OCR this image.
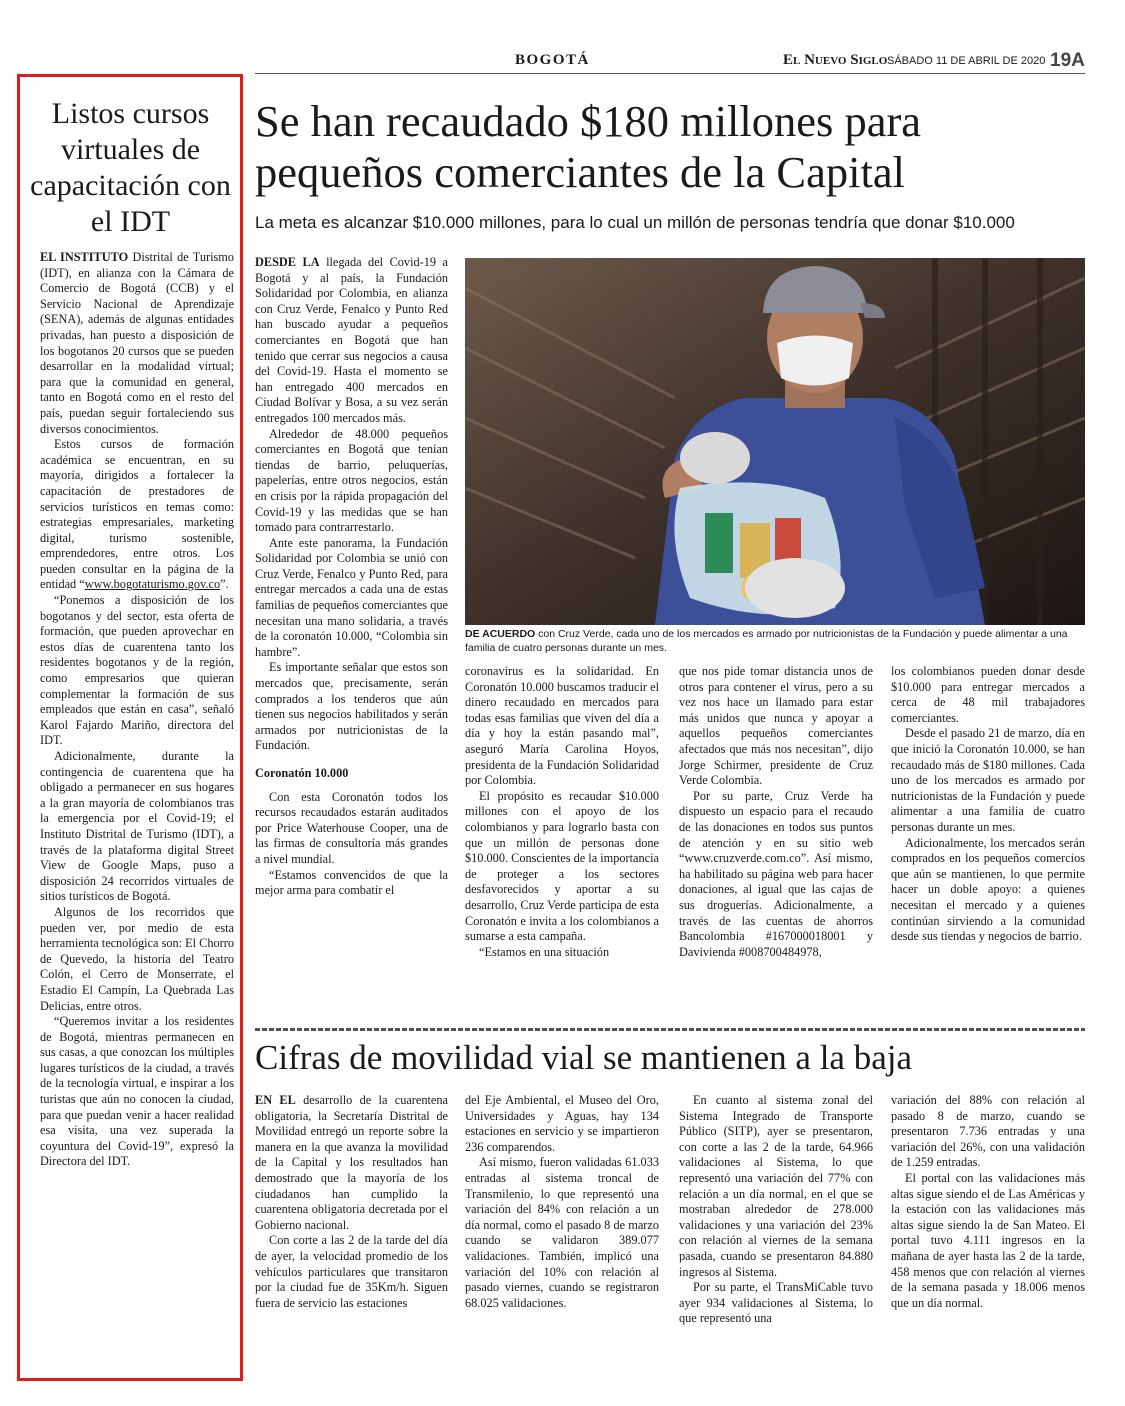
BOGOTÁ	El Nuevo Siglo SÁBADO 11 DE ABRIL DE 2020 19A
Listos cursos virtuales de capacitación con el IDT

EL INSTITUTO Distrital de Turismo (IDT), en alianza con la Cámara de Comercio de Bogotá (CCB) y el Servicio Nacional de Aprendizaje (SENA), además de algunas entidades privadas, han puesto a disposición de los bogotanos 20 cursos que se pueden desarrollar en la modalidad virtual; para que la comunidad en general, tanto en Bogotá como en el resto del país, puedan seguir fortaleciendo sus diversos conocimientos.

Estos cursos de formación académica se encuentran, en su mayoría, dirigidos a fortalecer la capacitación de prestadores de servicios turísticos en temas como: estrategias empresariales, marketing digital, turismo sostenible, emprendedores, entre otros. Los pueden consultar en la página de la entidad “www.bogotaturismo.gov.co”.

“Ponemos a disposición de los bogotanos y del sector, esta oferta de formación, que pueden aprovechar en estos días de cuarentena tanto los residentes bogotanos y de la región, como empresarios que quieran complementar la formación de sus empleados que están en casa”, señaló Karol Fajardo Mariño, directora del IDT.

Adicionalmente, durante la contingencia de cuarentena que ha obligado a permanecer en sus hogares a la gran mayoría de colombianos tras la emergencia por el Covid-19; el Instituto Distrital de Turismo (IDT), a través de la plataforma digital Street View de Google Maps, puso a disposición 24 recorridos virtuales de sitios turísticos de Bogotá.

Algunos de los recorridos que pueden ver, por medio de esta herramienta tecnológica son: El Chorro de Quevedo, la historia del Teatro Colón, el Cerro de Monserrate, el Estadio El Campín, La Quebrada Las Delicias, entre otros.

“Queremos invitar a los residentes de Bogotá, mientras permanecen en sus casas, a que conozcan los múltiples lugares turísticos de la ciudad, a través de la tecnología virtual, e inspirar a los turistas que aún no conocen la ciudad, para que puedan venir a hacer realidad esa visita, una vez superada la coyuntura del Covid-19”, expresó la Directora del IDT.

Se han recaudado $180 millones para pequeños comerciantes de la Capital
La meta es alcanzar $10.000 millones, para lo cual un millón de personas tendría que donar $10.000

DESDE LA llegada del Covid-19 a Bogotá y al país, la Fundación Solidaridad por Colombia, en alianza con Cruz Verde, Fenalco y Punto Red han buscado ayudar a pequeños comerciantes en Bogotá que han tenido que cerrar sus negocios a causa del Covid-19. Hasta el momento se han entregado 400 mercados en Ciudad Bolívar y Bosa, a su vez serán entregados 100 mercados más.

Alrededor de 48.000 pequeños comerciantes en Bogotá que tenían tiendas de barrio, peluquerías, papelerías, entre otros negocios, están en crisis por la rápida propagación del Covid-19 y las medidas que se han tomado para contrarrestarlo.

Ante este panorama, la Fundación Solidaridad por Colombia se unió con Cruz Verde, Fenalco y Punto Red, para entregar mercados a cada una de estas familias de pequeños comerciantes que necesitan una mano solidaria, a través de la coronatón 10.000, “Colombia sin hambre”.

Es importante señalar que estos son mercados que, precisamente, serán comprados a los tenderos que aún tienen sus negocios habilitados y serán armados por nutricionistas de la Fundación.

Coronatón 10.000

Con esta Coronatón todos los recursos recaudados estarán auditados por Price Waterhouse Cooper, una de las firmas de consultoría más grandes a nivel mundial.

“Estamos convencidos de que la mejor arma para combatir el

DE ACUERDO con Cruz Verde, cada uno de los mercados es armado por nutricionistas de la Fundación y puede alimentar a una familia de cuatro personas durante un mes.

coronavirus es la solidaridad. En Coronatón 10.000 buscamos traducir el dinero recaudado en mercados para todas esas familias que viven del día a día y hoy la están pasando mal”, aseguró María Carolina Hoyos, presidenta de la Fundación Solidaridad por Colombia.

El propósito es recaudar $10.000 millones con el apoyo de los colombianos y para lograrlo basta con que un millón de personas done $10.000. Conscientes de la importancia de proteger a los sectores desfavorecidos y aportar a su desarrollo, Cruz Verde participa de esta Coronatón e invita a los colombianos a sumarse a esta campaña.

“Estamos en una situación

que nos pide tomar distancia unos de otros para contener el virus, pero a su vez nos hace un llamado para estar más unidos que nunca y apoyar a aquellos pequeños comerciantes afectados que más nos necesitan”, dijo Jorge Schirmer, presidente de Cruz Verde Colombia.

Por su parte, Cruz Verde ha dispuesto un espacio para el recaudo de las donaciones en todos sus puntos de atención y en su sitio web “www.cruzverde.com.co”. Así mismo, ha habilitado su página web para hacer donaciones, al igual que las cajas de sus droguerías. Adicionalmente, a través de las cuentas de ahorros Bancolombia #167000018001 y Davivienda #008700484978,

los colombianos pueden donar desde $10.000 para entregar mercados a cerca de 48 mil trabajadores comerciantes.

Desde el pasado 21 de marzo, día en que inició la Coronatón 10.000, se han recaudado más de $180 millones. Cada uno de los mercados es armado por nutricionistas de la Fundación y puede alimentar a una familia de cuatro personas durante un mes.

Adicionalmente, los mercados serán comprados en los pequeños comercios que aún se mantienen, lo que permite hacer un doble apoyo: a quienes necesitan el mercado y a quienes continúan sirviendo a la comunidad desde sus tiendas y negocios de barrio.

Cifras de movilidad vial se mantienen a la baja

EN EL desarrollo de la cuarentena obligatoria, la Secretaría Distrital de Movilidad entregó un reporte sobre la manera en la que avanza la movilidad de la Capital y los resultados han demostrado que la mayoría de los ciudadanos han cumplido la cuarentena obligatoria decretada por el Gobierno nacional.

Con corte a las 2 de la tarde del día de ayer, la velocidad promedio de los vehículos particulares que transitaron por la ciudad fue de 35Km/h. Siguen fuera de servicio las estaciones

del Eje Ambiental, el Museo del Oro, Universidades y Aguas, hay 134 estaciones en servicio y se impartieron 236 comparendos.

Así mismo, fueron validadas 61.033 entradas al sistema troncal de Transmilenio, lo que representó una variación del 84% con relación a un día normal, como el pasado 8 de marzo cuando se validaron 389.077 validaciones. También, implicó una variación del 10% con relación al pasado viernes, cuando se registraron 68.025 validaciones.

En cuanto al sistema zonal del Sistema Integrado de Transporte Público (SITP), ayer se presentaron, con corte a las 2 de la tarde, 64.966 validaciones al Sistema, lo que representó una variación del 77% con relación a un día normal, en el que se mostraban alrededor de 278.000 validaciones y una variación del 23% con relación al viernes de la semana pasada, cuando se presentaron 84.880 ingresos al Sistema.

Por su parte, el TransMiCable tuvo ayer 934 validaciones al Sistema, lo que representó una

variación del 88% con relación al pasado 8 de marzo, cuando se presentaron 7.736 entradas y una variación del 26%, con una validación de 1.259 entradas.

El portal con las validaciones más altas sigue siendo el de Las Américas y la estación con las validaciones más altas sigue siendo la de San Mateo. El portal tuvo 4.111 ingresos en la mañana de ayer hasta las 2 de la tarde, 458 menos que con relación al viernes de la semana pasada y 18.006 menos que un día normal.
